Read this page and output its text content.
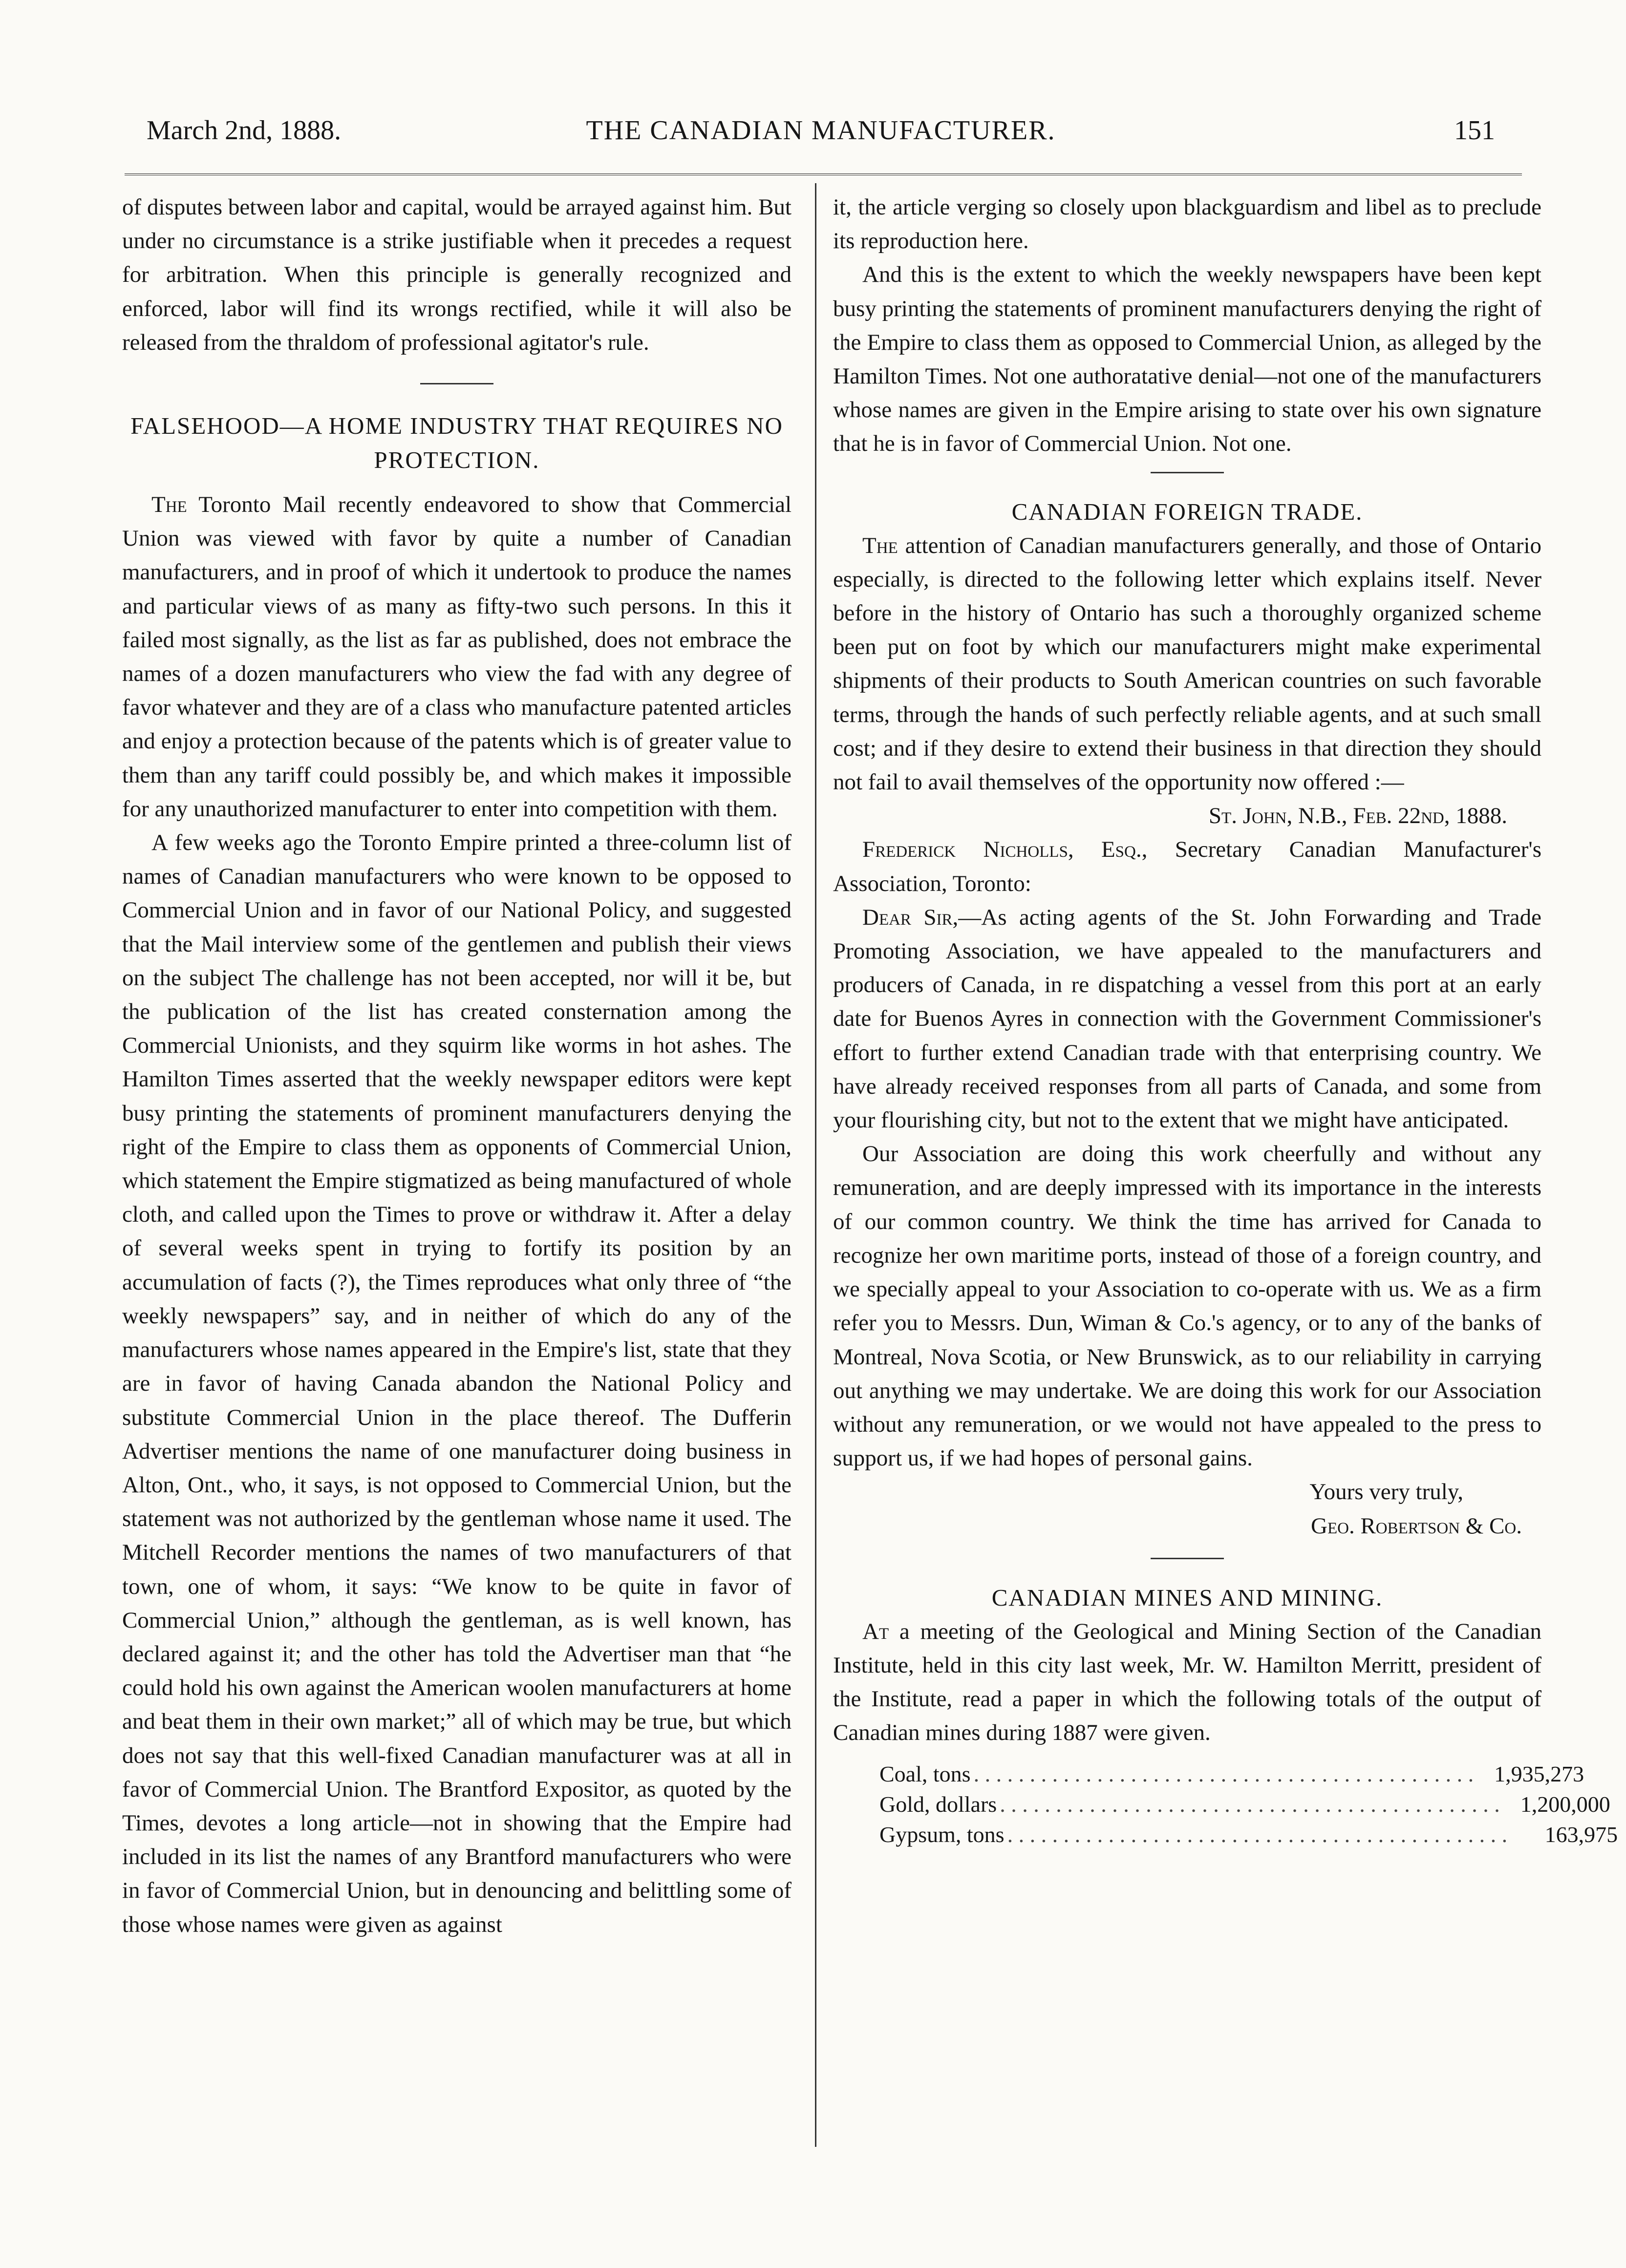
March 2nd, 1888.	THE CANADIAN MANUFACTURER.	151

of disputes between labor and capital, would be arrayed against him. But under no circumstance is a strike justifiable when it precedes a request for arbitration. When this principle is generally recognized and enforced, labor will find its wrongs rectified, while it will also be released from the thraldom of professional agitator's rule.

FALSEHOOD—A HOME INDUSTRY THAT REQUIRES NO PROTECTION.

The Toronto Mail recently endeavored to show that Commercial Union was viewed with favor by quite a number of Canadian manufacturers, and in proof of which it undertook to produce the names and particular views of as many as fifty-two such persons. In this it failed most signally, as the list as far as published, does not embrace the names of a dozen manufacturers who view the fad with any degree of favor whatever and they are of a class who manufacture patented articles and enjoy a protection because of the patents which is of greater value to them than any tariff could possibly be, and which makes it impossible for any unauthorized manufacturer to enter into competition with them.

A few weeks ago the Toronto Empire printed a three-column list of names of Canadian manufacturers who were known to be opposed to Commercial Union and in favor of our National Policy, and suggested that the Mail interview some of the gentlemen and publish their views on the subject The challenge has not been accepted, nor will it be, but the publication of the list has created consternation among the Commercial Unionists, and they squirm like worms in hot ashes. The Hamilton Times asserted that the weekly newspaper editors were kept busy printing the statements of prominent manufacturers denying the right of the Empire to class them as opponents of Commercial Union, which statement the Empire stigmatized as being manufactured of whole cloth, and called upon the Times to prove or withdraw it. After a delay of several weeks spent in trying to fortify its position by an accumulation of facts (?), the Times reproduces what only three of “the weekly newspapers” say, and in neither of which do any of the manufacturers whose names appeared in the Empire's list, state that they are in favor of having Canada abandon the National Policy and substitute Commercial Union in the place thereof. The Dufferin Advertiser mentions the name of one manufacturer doing business in Alton, Ont., who, it says, is not opposed to Commercial Union, but the statement was not authorized by the gentleman whose name it used. The Mitchell Recorder mentions the names of two manufacturers of that town, one of whom, it says: “We know to be quite in favor of Commercial Union,” although the gentleman, as is well known, has declared against it; and the other has told the Advertiser man that “he could hold his own against the American woolen manufacturers at home and beat them in their own market;” all of which may be true, but which does not say that this well-fixed Canadian manufacturer was at all in favor of Commercial Union. The Brantford Expositor, as quoted by the Times, devotes a long article—not in showing that the Empire had included in its list the names of any Brantford manufacturers who were in favor of Commercial Union, but in denouncing and belittling some of those whose names were given as against

it, the article verging so closely upon blackguardism and libel as to preclude its reproduction here.

And this is the extent to which the weekly newspapers have been kept busy printing the statements of prominent manufacturers denying the right of the Empire to class them as opposed to Commercial Union, as alleged by the Hamilton Times. Not one authoratative denial—not one of the manufacturers whose names are given in the Empire arising to state over his own signature that he is in favor of Commercial Union. Not one.

CANADIAN FOREIGN TRADE.

The attention of Canadian manufacturers generally, and those of Ontario especially, is directed to the following letter which explains itself. Never before in the history of Ontario has such a thoroughly organized scheme been put on foot by which our manufacturers might make experimental shipments of their products to South American countries on such favorable terms, through the hands of such perfectly reliable agents, and at such small cost; and if they desire to extend their business in that direction they should not fail to avail themselves of the opportunity now offered :—

St. John, N.B., Feb. 22nd, 1888.

Frederick Nicholls, Esq., Secretary Canadian Manufacturer's Association, Toronto:

Dear Sir,—As acting agents of the St. John Forwarding and Trade Promoting Association, we have appealed to the manufacturers and producers of Canada, in re dispatching a vessel from this port at an early date for Buenos Ayres in connection with the Government Commissioner's effort to further extend Canadian trade with that enterprising country. We have already received responses from all parts of Canada, and some from your flourishing city, but not to the extent that we might have anticipated.

Our Association are doing this work cheerfully and without any remuneration, and are deeply impressed with its importance in the interests of our common country. We think the time has arrived for Canada to recognize her own maritime ports, instead of those of a foreign country, and we specially appeal to your Association to co-operate with us. We as a firm refer you to Messrs. Dun, Wiman & Co.'s agency, or to any of the banks of Montreal, Nova Scotia, or New Brunswick, as to our reliability in carrying out anything we may undertake. We are doing this work for our Association without any remuneration, or we would not have appealed to the press to support us, if we had hopes of personal gains.

Yours very truly,

Geo. Robertson & Co.

CANADIAN MINES AND MINING.

At a meeting of the Geological and Mining Section of the Canadian Institute, held in this city last week, Mr. W. Hamilton Merritt, president of the Institute, read a paper in which the following totals of the output of Canadian mines during 1887 were given.

Coal, tons . . . . . . . . . . . . . . . . . . . . . . . . . . . . . . . . . . . . . . . . . . . . . 1,935,273
Gold, dollars . . . . . . . . . . . . . . . . . . . . . . . . . . . . . . . . . . . . . . . . . . . . . 1,200,000
Gypsum, tons . . . . . . . . . . . . . . . . . . . . . . . . . . . . . . . . . . . . . . . . . . . . .	163,975
